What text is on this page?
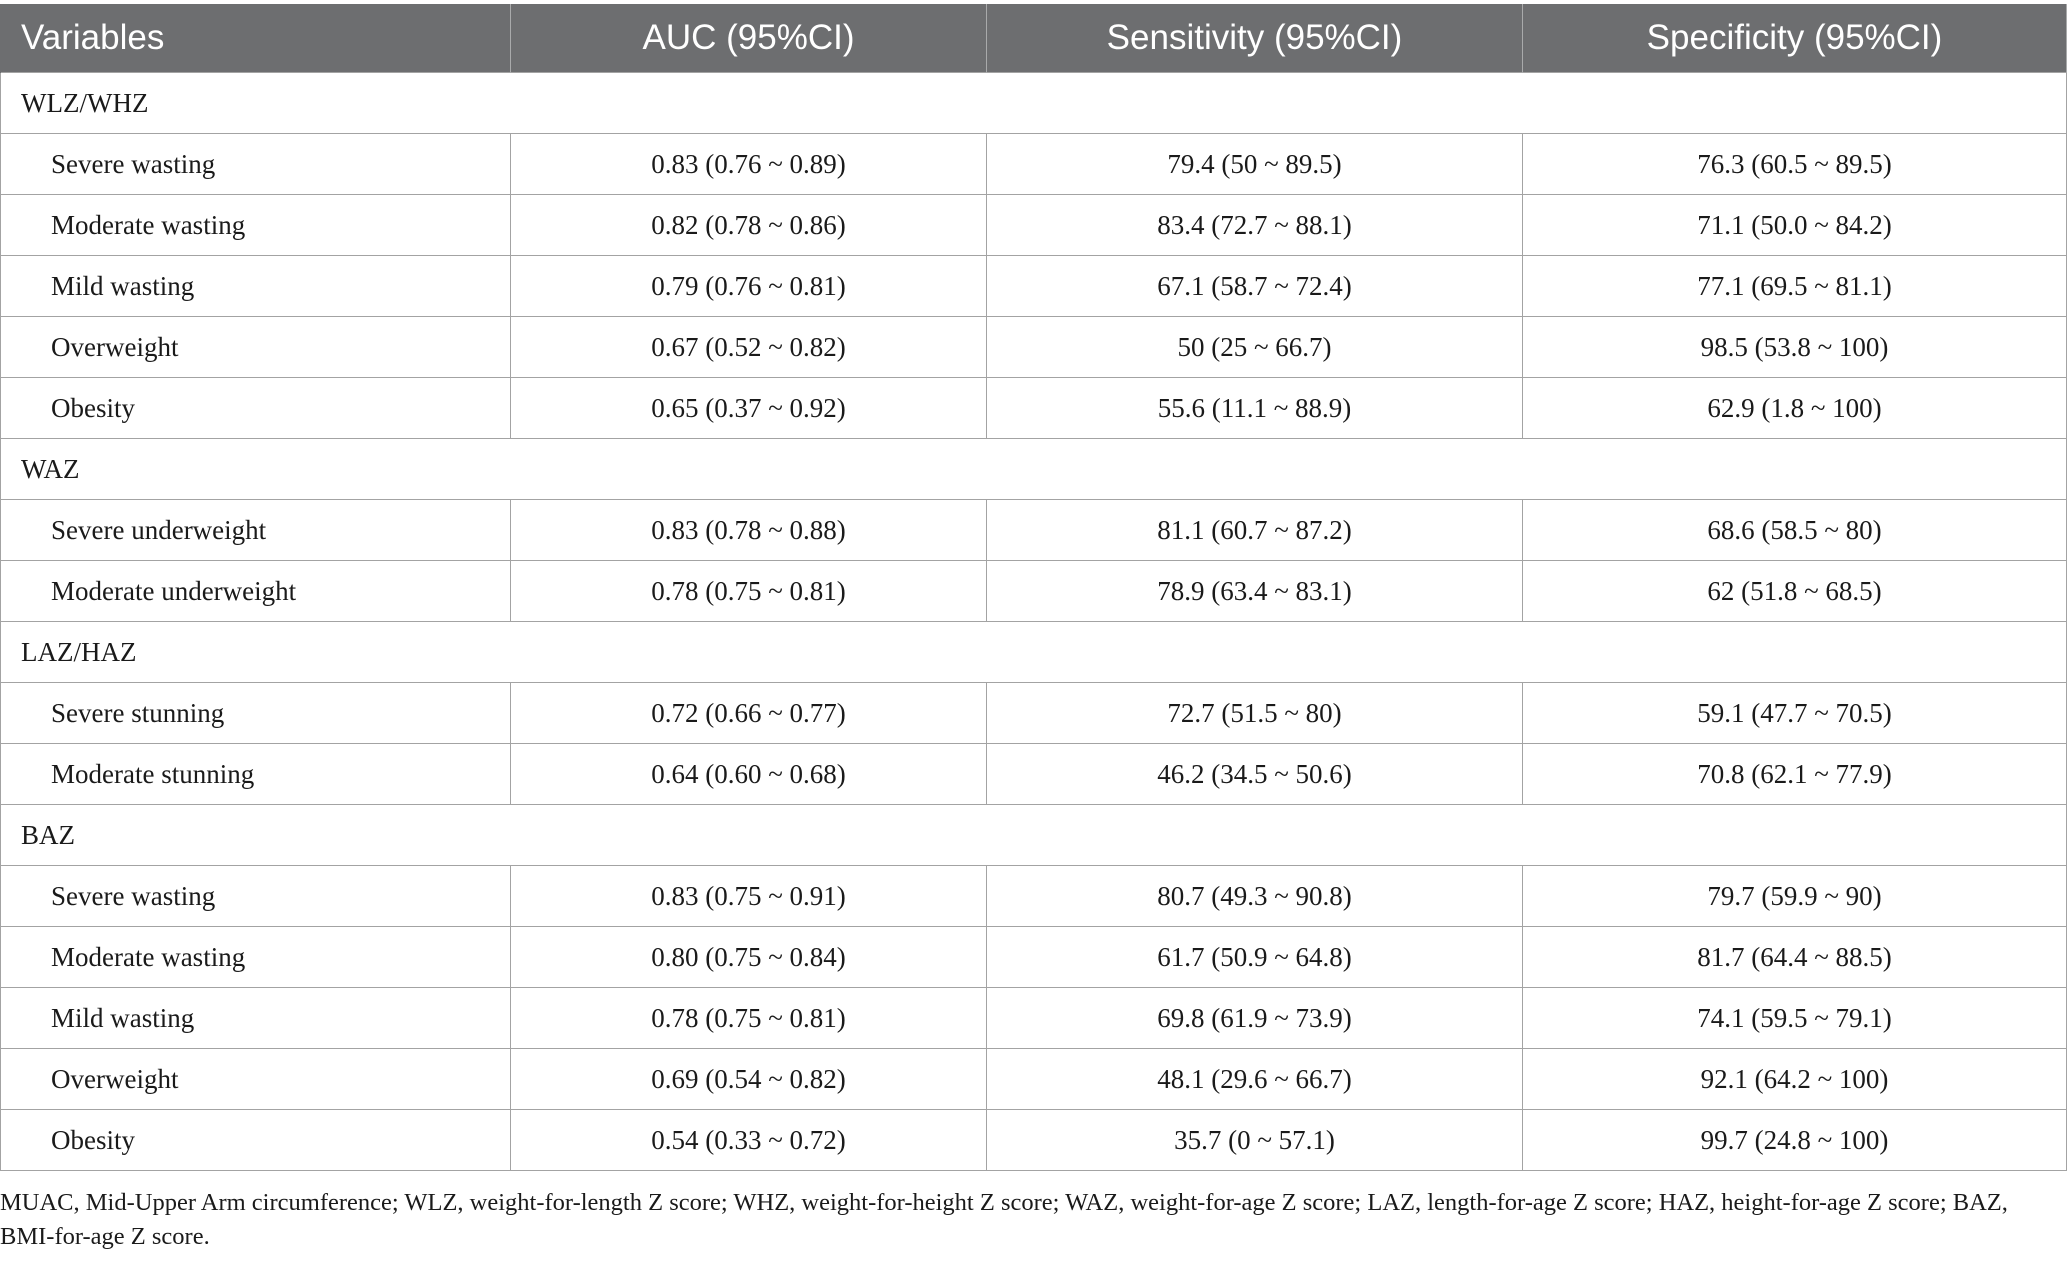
Variables	AUC (95%CI)	Sensitivity (95%CI)	Specificity (95%CI)
WLZ/WHZ			
Severe wasting	0.83 (0.76 ~ 0.89)	79.4 (50 ~ 89.5)	76.3 (60.5 ~ 89.5)
Moderate wasting	0.82 (0.78 ~ 0.86)	83.4 (72.7 ~ 88.1)	71.1 (50.0 ~ 84.2)
Mild wasting	0.79 (0.76 ~ 0.81)	67.1 (58.7 ~ 72.4)	77.1 (69.5 ~ 81.1)
Overweight	0.67 (0.52 ~ 0.82)	50 (25 ~ 66.7)	98.5 (53.8 ~ 100)
Obesity	0.65 (0.37 ~ 0.92)	55.6 (11.1 ~ 88.9)	62.9 (1.8 ~ 100)
WAZ			
Severe underweight	0.83 (0.78 ~ 0.88)	81.1 (60.7 ~ 87.2)	68.6 (58.5 ~ 80)
Moderate underweight	0.78 (0.75 ~ 0.81)	78.9 (63.4 ~ 83.1)	62 (51.8 ~ 68.5)
LAZ/HAZ			
Severe stunning	0.72 (0.66 ~ 0.77)	72.7 (51.5 ~ 80)	59.1 (47.7 ~ 70.5)
Moderate stunning	0.64 (0.60 ~ 0.68)	46.2 (34.5 ~ 50.6)	70.8 (62.1 ~ 77.9)
BAZ			
Severe wasting	0.83 (0.75 ~ 0.91)	80.7 (49.3 ~ 90.8)	79.7 (59.9 ~ 90)
Moderate wasting	0.80 (0.75 ~ 0.84)	61.7 (50.9 ~ 64.8)	81.7 (64.4 ~ 88.5)
Mild wasting	0.78 (0.75 ~ 0.81)	69.8 (61.9 ~ 73.9)	74.1 (59.5 ~ 79.1)
Overweight	0.69 (0.54 ~ 0.82)	48.1 (29.6 ~ 66.7)	92.1 (64.2 ~ 100)
Obesity	0.54 (0.33 ~ 0.72)	35.7 (0 ~ 57.1)	99.7 (24.8 ~ 100)

MUAC, Mid-Upper Arm circumference; WLZ, weight-for-length Z score; WHZ, weight-for-height Z score; WAZ, weight-for-age Z score; LAZ, length-for-age Z score; HAZ, height-for-age Z score; BAZ, BMI-for-age Z score.
